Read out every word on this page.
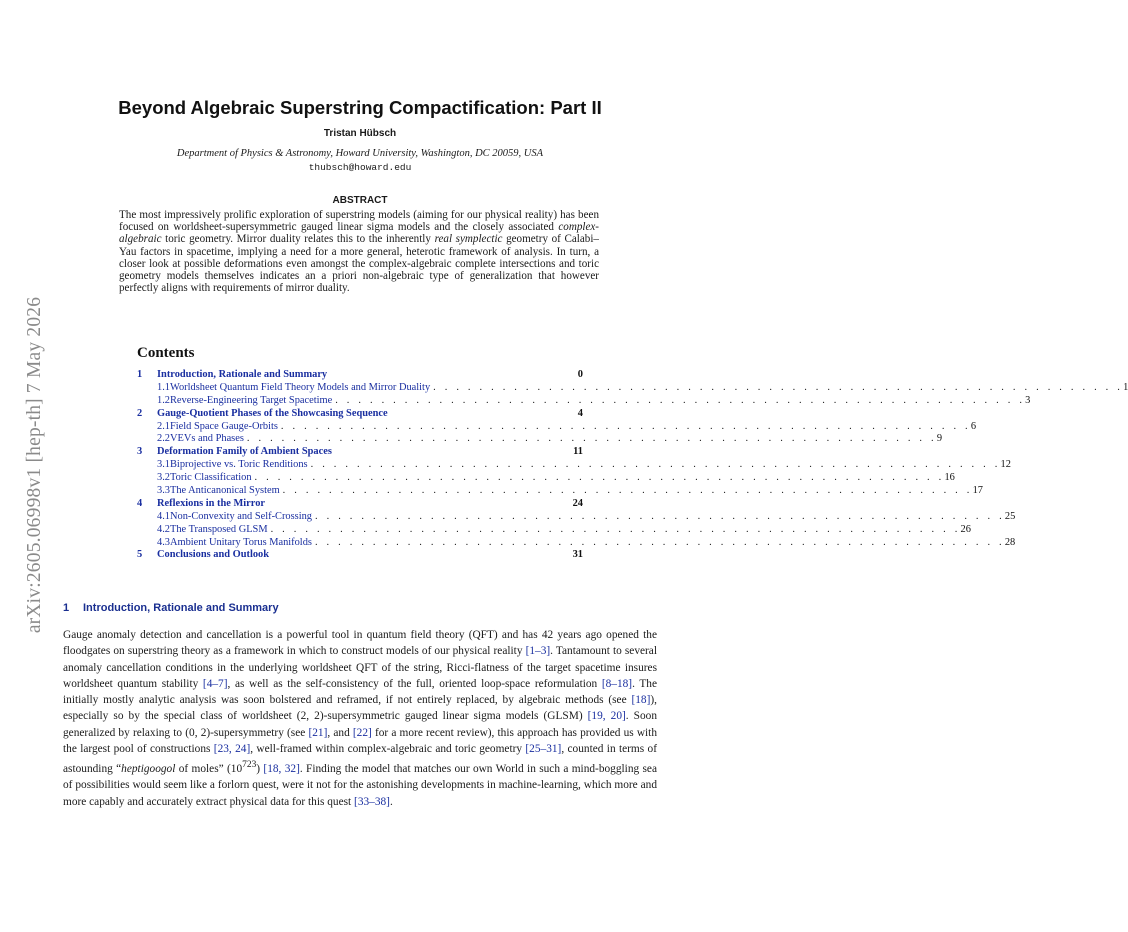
arXiv:2605.06998v1 [hep-th] 7 May 2026
Beyond Algebraic Superstring Compactification: Part II
Tristan Hübsch
Department of Physics & Astronomy, Howard University, Washington, DC 20059, USA
thubsch@howard.edu
ABSTRACT

The most impressively prolific exploration of superstring models (aiming for our physical reality) has been focused on worldsheet-supersymmetric gauged linear sigma models and the closely associated complex-algebraic toric geometry. Mirror duality relates this to the inherently real symplectic geometry of Calabi–Yau factors in spacetime, implying a need for a more general, heterotic framework of analysis. In turn, a closer look at possible deformations even amongst the complex-algebraic complete intersections and toric geometry models themselves indicates an a priori non-algebraic type of generalization that however perfectly aligns with requirements of mirror duality.

Contents
1	Introduction, Rationale and Summary	0
1.1 Worldsheet Quantum Field Theory Models and Mirror Duality . . . . . . . . . . . . . . . . . . . . . . . . . . . . . . . . . . . . . . . . . . . . . . . . . . . . . . . . . . . . 1
1.2 Reverse-Engineering Target Spacetime . . . . . . . . . . . . . . . . . . . . . . . . . . . . . . . . . . . . . . . . . . . . . . . . . . . . . . . . . . . . 3
2	Gauge-Quotient Phases of the Showcasing Sequence	4
2.1 Field Space Gauge-Orbits . . . . . . . . . . . . . . . . . . . . . . . . . . . . . . . . . . . . . . . . . . . . . . . . . . . . . . . . . . . . 6
2.2 VEVs and Phases . . . . . . . . . . . . . . . . . . . . . . . . . . . . . . . . . . . . . . . . . . . . . . . . . . . . . . . . . . . . 9
3	Deformation Family of Ambient Spaces	11
3.1 Biprojective vs. Toric Renditions . . . . . . . . . . . . . . . . . . . . . . . . . . . . . . . . . . . . . . . . . . . . . . . . . . . . . . . . . . . . 12
3.2 Toric Classification . . . . . . . . . . . . . . . . . . . . . . . . . . . . . . . . . . . . . . . . . . . . . . . . . . . . . . . . . . . . 16
3.3 The Anticanonical System . . . . . . . . . . . . . . . . . . . . . . . . . . . . . . . . . . . . . . . . . . . . . . . . . . . . . . . . . . . . 17
4	Reflexions in the Mirror	24
4.1 Non-Convexity and Self-Crossing . . . . . . . . . . . . . . . . . . . . . . . . . . . . . . . . . . . . . . . . . . . . . . . . . . . . . . . . . . . . 25
4.2 The Transposed GLSM . . . . . . . . . . . . . . . . . . . . . . . . . . . . . . . . . . . . . . . . . . . . . . . . . . . . . . . . . . . . 26
4.3 Ambient Unitary Torus Manifolds . . . . . . . . . . . . . . . . . . . . . . . . . . . . . . . . . . . . . . . . . . . . . . . . . . . . . . . . . . . . 28
5	Conclusions and Outlook	31
1 Introduction, Rationale and Summary

Gauge anomaly detection and cancellation is a powerful tool in quantum field theory (QFT) and has 42 years ago opened the floodgates on superstring theory as a framework in which to construct models of our physical reality [1–3]. Tantamount to several anomaly cancellation conditions in the underlying worldsheet QFT of the string, Ricci-flatness of the target spacetime insures worldsheet quantum stability [4–7], as well as the self-consistency of the full, oriented loop-space reformulation [8–18]. The initially mostly analytic analysis was soon bolstered and reframed, if not entirely replaced, by algebraic methods (see [18]), especially so by the special class of worldsheet (2, 2)-supersymmetric gauged linear sigma models (GLSM) [19, 20]. Soon generalized by relaxing to (0, 2)-supersymmetry (see [21], and [22] for a more recent review), this approach has provided us with the largest pool of constructions [23, 24], well-framed within complex-algebraic and toric geometry [25–31], counted in terms of astounding “heptigoogol of moles” $(10^{723})$ [18, 32]. Finding the model that matches our own World in such a mind-boggling sea of possibilities would seem like a forlorn quest, were it not for the astonishing developments in machine-learning, which more and more capably and accurately extract physical data for this quest [33–38].
